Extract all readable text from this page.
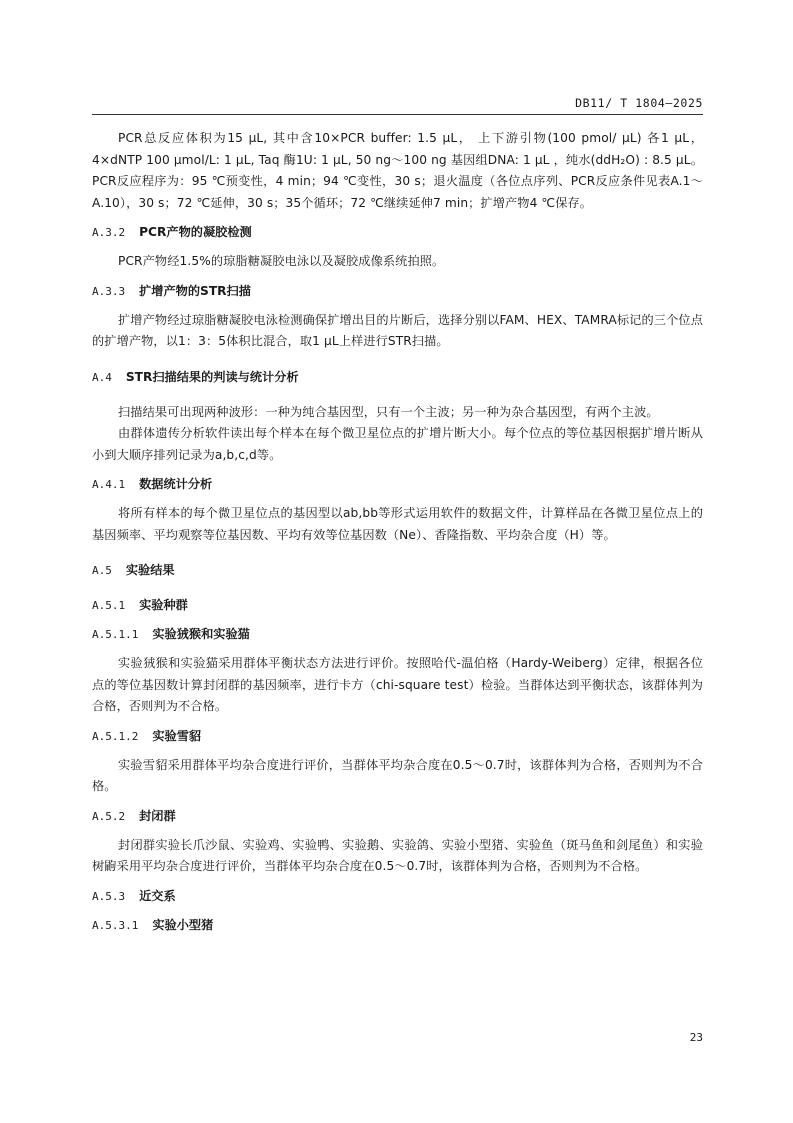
DB11/ T 1804—2025

PCR总反应体积为15 μL, 其中含10×PCR buffer: 1.5 μL， 上下游引物(100 pmol/ μL) 各1 μL， 4×dNTP 100 μmol/L: 1 μL, Taq 酶1U: 1 μL, 50 ng～100 ng 基因组DNA: 1 μL ，纯水(ddH₂O) : 8.5 μL。PCR反应程序为：95 ℃预变性，4 min；94 ℃变性，30 s；退火温度（各位点序列、PCR反应条件见表A.1～A.10），30 s；72 ℃延伸，30 s；35个循环；72 ℃继续延伸7 min；扩增产物4 ℃保存。

A.3.2 PCR产物的凝胶检测

PCR产物经1.5%的琼脂糖凝胶电泳以及凝胶成像系统拍照。

A.3.3 扩增产物的STR扫描

扩增产物经过琼脂糖凝胶电泳检测确保扩增出目的片断后，选择分别以FAM、HEX、TAMRA标记的三个位点的扩增产物，以1：3：5体积比混合，取1 μL上样进行STR扫描。

A.4 STR扫描结果的判读与统计分析

扫描结果可出现两种波形：一种为纯合基因型，只有一个主波；另一种为杂合基因型，有两个主波。

由群体遗传分析软件读出每个样本在每个微卫星位点的扩增片断大小。每个位点的等位基因根据扩增片断从小到大顺序排列记录为a,b,c,d等。

A.4.1 数据统计分析

将所有样本的每个微卫星位点的基因型以ab,bb等形式运用软件的数据文件，计算样品在各微卫星位点上的基因频率、平均观察等位基因数、平均有效等位基因数（Ne）、香隆指数、平均杂合度（H）等。

A.5 实验结果
A.5.1 实验种群
A.5.1.1 实验狨猴和实验猫

实验狨猴和实验猫采用群体平衡状态方法进行评价。按照哈代-温伯格（Hardy-Weiberg）定律，根据各位点的等位基因数计算封闭群的基因频率，进行卡方（chi-square test）检验。当群体达到平衡状态，该群体判为合格，否则判为不合格。

A.5.1.2 实验雪貂

实验雪貂采用群体平均杂合度进行评价，当群体平均杂合度在0.5～0.7时，该群体判为合格，否则判为不合格。

A.5.2 封闭群

封闭群实验长爪沙鼠、实验鸡、实验鸭、实验鹅、实验鸽、实验小型猪、实验鱼（斑马鱼和剑尾鱼）和实验树鼩采用平均杂合度进行评价，当群体平均杂合度在0.5～0.7时，该群体判为合格，否则判为不合格。

A.5.3 近交系
A.5.3.1 实验小型猪
23
